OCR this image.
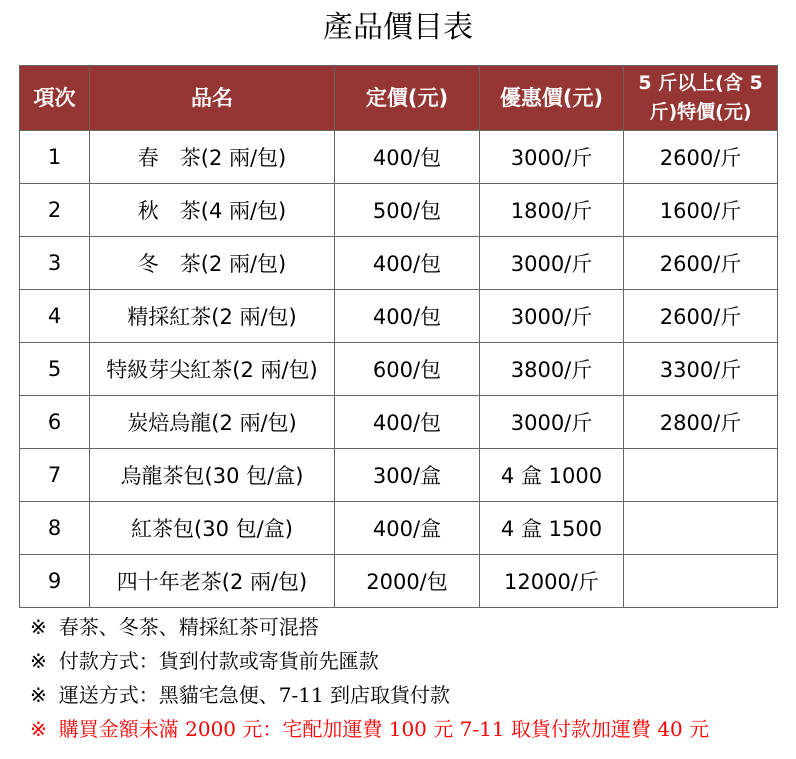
產品價目表
項次	品名	定價(元)	優惠價(元)	5 斤以上(含 5 斤)特價(元)
1	春　茶(2 兩/包)	400/包	3000/斤	2600/斤
2	秋　茶(4 兩/包)	500/包	1800/斤	1600/斤
3	冬　茶(2 兩/包)	400/包	3000/斤	2600/斤
4	精採紅茶(2 兩/包)	400/包	3000/斤	2600/斤
5	特級芽尖紅茶(2 兩/包)	600/包	3800/斤	3300/斤
6	炭焙烏龍(2 兩/包)	400/包	3000/斤	2800/斤
7	烏龍茶包(30 包/盒)	300/盒	4 盒 1000	
8	紅茶包(30 包/盒)	400/盒	4 盒 1500	
9	四十年老茶(2 兩/包)	2000/包	12000/斤	
※ 春茶、冬茶、精採紅茶可混搭
※ 付款方式：貨到付款或寄貨前先匯款
※ 運送方式：黑貓宅急便、7-11 到店取貨付款
※ 購買金額未滿 2000 元：宅配加運費 100 元 7-11 取貨付款加運費 40 元
